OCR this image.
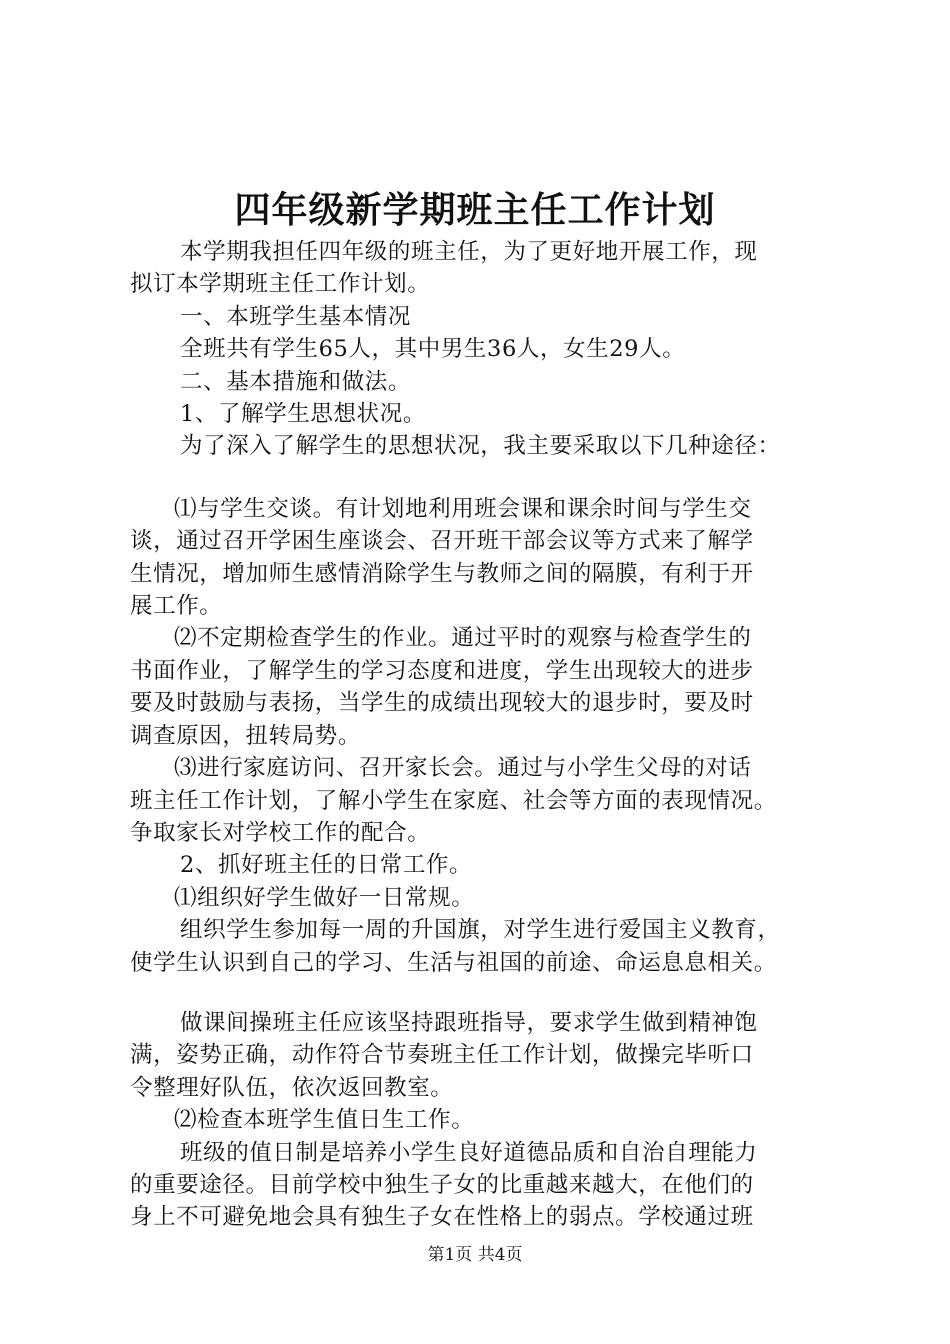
四年级新学期班主任工作计划

本学期我担任四年级的班主任，为了更好地开展工作，现

拟订本学期班主任工作计划。

一、本班学生基本情况

全班共有学生65人，其中男生36人，女生29人。

二、基本措施和做法。

1、了解学生思想状况。

为了深入了解学生的思想状况，我主要采取以下几种途径：

⑴与学生交谈。有计划地利用班会课和课余时间与学生交

谈，通过召开学困生座谈会、召开班干部会议等方式来了解学

生情况，增加师生感情消除学生与教师之间的隔膜，有利于开

展工作。

⑵不定期检查学生的作业。通过平时的观察与检查学生的

书面作业，了解学生的学习态度和进度，学生出现较大的进步

要及时鼓励与表扬，当学生的成绩出现较大的退步时，要及时

调查原因，扭转局势。

⑶进行家庭访问、召开家长会。通过与小学生父母的对话

班主任工作计划，了解小学生在家庭、社会等方面的表现情况。

争取家长对学校工作的配合。

2、抓好班主任的日常工作。

⑴组织好学生做好一日常规。

组织学生参加每一周的升国旗，对学生进行爱国主义教育，

使学生认识到自己的学习、生活与祖国的前途、命运息息相关。

做课间操班主任应该坚持跟班指导，要求学生做到精神饱

满，姿势正确，动作符合节奏班主任工作计划，做操完毕听口

令整理好队伍，依次返回教室。

⑵检查本班学生值日生工作。

班级的值日制是培养小学生良好道德品质和自治自理能力

的重要途径。目前学校中独生子女的比重越来越大，在他们的

身上不可避免地会具有独生子女在性格上的弱点。学校通过班

第1页 共4页
